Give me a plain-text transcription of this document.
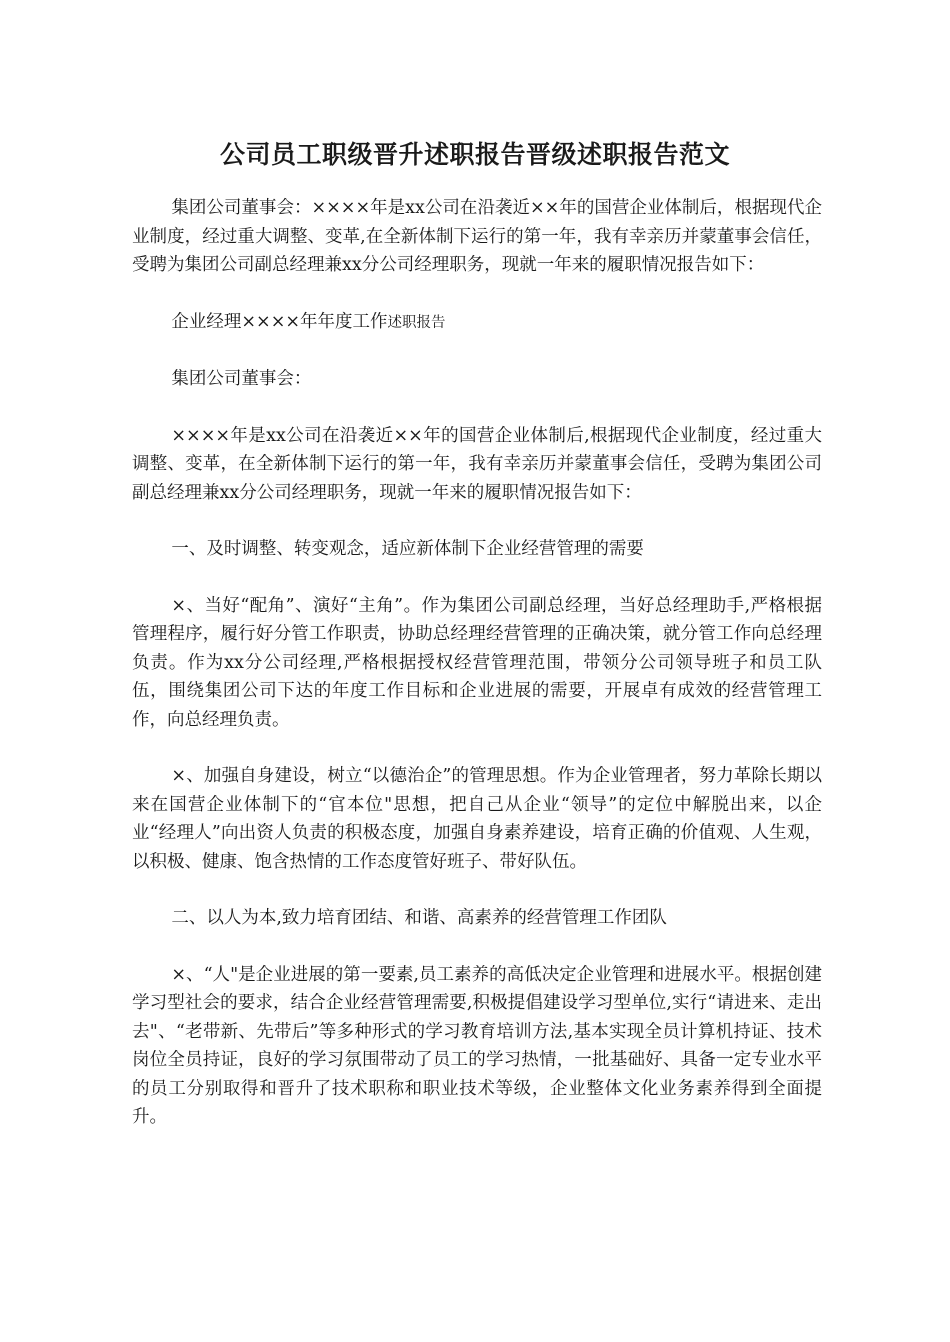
公司员工职级晋升述职报告晋级述职报告范文

集团公司董事会：××××年是xx公司在沿袭近××年的国营企业体制后，根据现代企业制度，经过重大调整、变革,在全新体制下运行的第一年，我有幸亲历并蒙董事会信任，受聘为集团公司副总经理兼xx分公司经理职务，现就一年来的履职情况报告如下：

企业经理××××年年度工作述职报告

集团公司董事会：

××××年是xx公司在沿袭近××年的国营企业体制后,根据现代企业制度，经过重大调整、变革，在全新体制下运行的第一年，我有幸亲历并蒙董事会信任，受聘为集团公司副总经理兼xx分公司经理职务，现就一年来的履职情况报告如下：

一、及时调整、转变观念，适应新体制下企业经营管理的需要

×、当好“配角”、演好“主角”。作为集团公司副总经理，当好总经理助手,严格根据管理程序，履行好分管工作职责，协助总经理经营管理的正确决策，就分管工作向总经理负责。作为xx分公司经理,严格根据授权经营管理范围，带领分公司领导班子和员工队伍，围绕集团公司下达的年度工作目标和企业进展的需要，开展卓有成效的经营管理工作，向总经理负责。

×、加强自身建设，树立“以德治企”的管理思想。作为企业管理者，努力革除长期以来在国营企业体制下的“官本位"思想，把自己从企业“领导”的定位中解脱出来，以企业“经理人”向出资人负责的积极态度，加强自身素养建设，培育正确的价值观、人生观，以积极、健康、饱含热情的工作态度管好班子、带好队伍。

二、以人为本,致力培育团结、和谐、高素养的经营管理工作团队

×、“人"是企业进展的第一要素,员工素养的高低决定企业管理和进展水平。根据创建学习型社会的要求，结合企业经营管理需要,积极提倡建设学习型单位,实行“请进来、走出去"、“老带新、先带后”等多种形式的学习教育培训方法,基本实现全员计算机持证、技术岗位全员持证，良好的学习氛围带动了员工的学习热情，一批基础好、具备一定专业水平的员工分别取得和晋升了技术职称和职业技术等级，企业整体文化业务素养得到全面提升。
